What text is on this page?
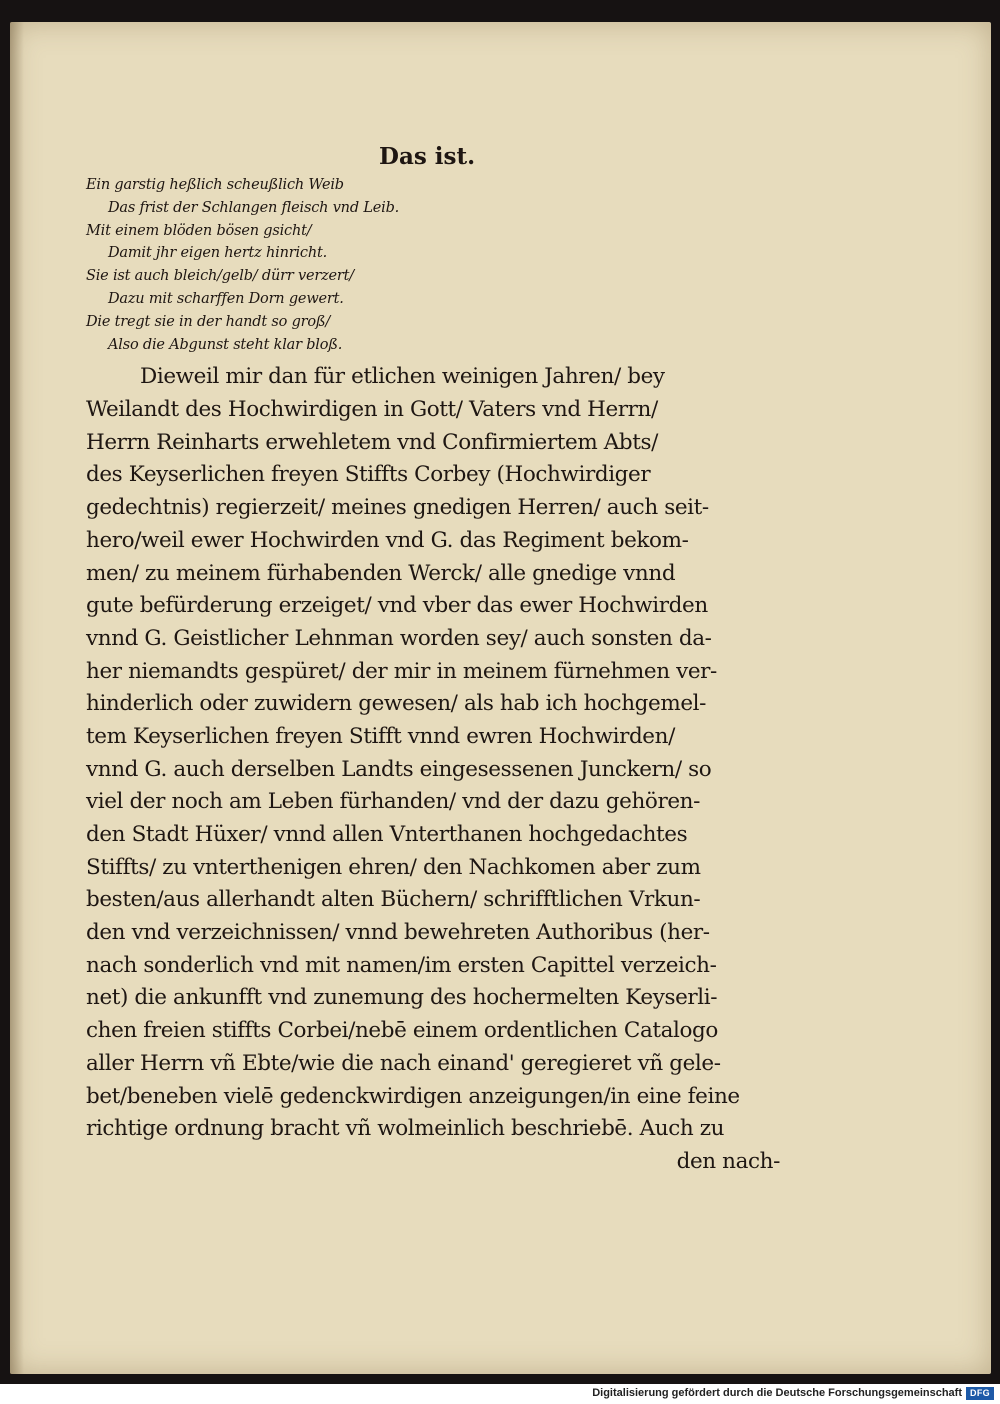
Das ist.
Ein garstig heßlich scheußlich Weib
Das frist der Schlangen fleisch vnd Leib.
Mit einem blöden bösen gsicht/
Damit jhr eigen hertz hinricht.
Sie ist auch bleich/gelb/ dürr verzert/
Dazu mit scharffen Dorn gewert.
Die tregt sie in der handt so groß/
Also die Abgunst steht klar bloß.
Dieweil mir dan für etlichen weinigen Jahren/ bey
Weilandt des Hochwirdigen in Gott/ Vaters vnd Herrn/
Herrn Reinharts erwehletem vnd Confirmiertem Abts/
des Keyserlichen freyen Stiffts Corbey (Hochwirdiger
gedechtnis) regierzeit/ meines gnedigen Herren/ auch seit-
hero/weil ewer Hochwirden vnd G. das Regiment bekom-
men/ zu meinem fürhabenden Werck/ alle gnedige vnnd
gute befürderung erzeiget/ vnd vber das ewer Hochwirden
vnnd G. Geistlicher Lehnman worden sey/ auch sonsten da-
her niemandts gespüret/ der mir in meinem fürnehmen ver-
hinderlich oder zuwidern gewesen/ als hab ich hochgemel-
tem Keyserlichen freyen Stifft vnnd ewren Hochwirden/
vnnd G. auch derselben Landts eingesessenen Junckern/ so
viel der noch am Leben fürhanden/ vnd der dazu gehören-
den Stadt Hüxer/ vnnd allen Vnterthanen hochgedachtes
Stiffts/ zu vnterthenigen ehren/ den Nachkomen aber zum
besten/aus allerhandt alten Büchern/ schrifftlichen Vrkun-
den vnd verzeichnissen/ vnnd bewehreten Authoribus (her-
nach sonderlich vnd mit namen/im ersten Capittel verzeich-
net) die ankunfft vnd zunemung des hochermelten Keyserli-
chen freien stiffts Corbei/nebē einem ordentlichen Catalogo
aller Herrn vñ Ebte/wie die nach einand' geregieret vñ gele-
bet/beneben vielē gedenckwirdigen anzeigungen/in eine feine
richtige ordnung bracht vñ wolmeinlich beschriebē. Auch zu
den nach-
Digitalisierung gefördert durch die Deutsche Forschungsgemeinschaft DFG
